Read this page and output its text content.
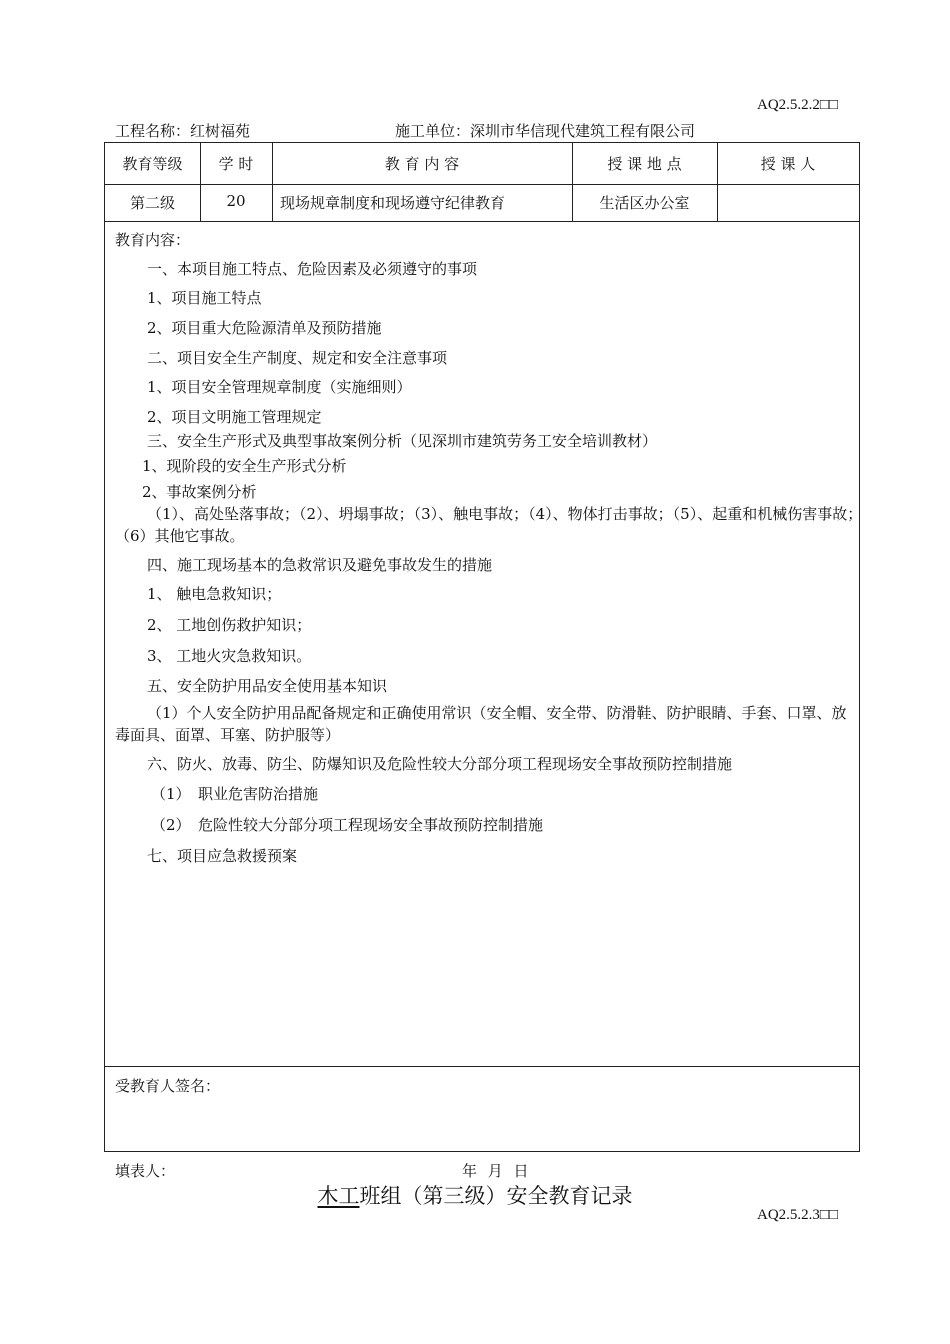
AQ2.5.2.2□□
工程名称：红树福苑	施工单位：深圳市华信现代建筑工程有限公司
教育等级	学 时	教 育 内 容	授 课 地 点	授 课 人
第二级	20	现场规章制度和现场遵守纪律教育	生活区办公室
教育内容：
一、本项目施工特点、危险因素及必须遵守的事项
1、项目施工特点
2、项目重大危险源清单及预防措施
二、项目安全生产制度、规定和安全注意事项
1、项目安全管理规章制度（实施细则）
2、项目文明施工管理规定
三、安全生产形式及典型事故案例分析（见深圳市建筑劳务工安全培训教材）
1、现阶段的安全生产形式分析
2、事故案例分析
（1）、高处坠落事故；（2）、坍塌事故；（3）、触电事故；（4）、物体打击事故；（5）、起重和机械伤害事故；（6）其他它事故。
四、施工现场基本的急救常识及避免事故发生的措施
1、 触电急救知识；
2、 工地创伤救护知识；
3、 工地火灾急救知识。
五、安全防护用品安全使用基本知识
（1）个人安全防护用品配备规定和正确使用常识（安全帽、安全带、防滑鞋、防护眼睛、手套、口罩、放毒面具、面罩、耳塞、防护服等）
六、防火、放毒、防尘、防爆知识及危险性较大分部分项工程现场安全事故预防控制措施
（1）　职业危害防治措施
（2）　危险性较大分部分项工程现场安全事故预防控制措施
七、项目应急救援预案
受教育人签名：
填表人：	年 月 日
木工班组（第三级）安全教育记录
AQ2.5.2.3□□
